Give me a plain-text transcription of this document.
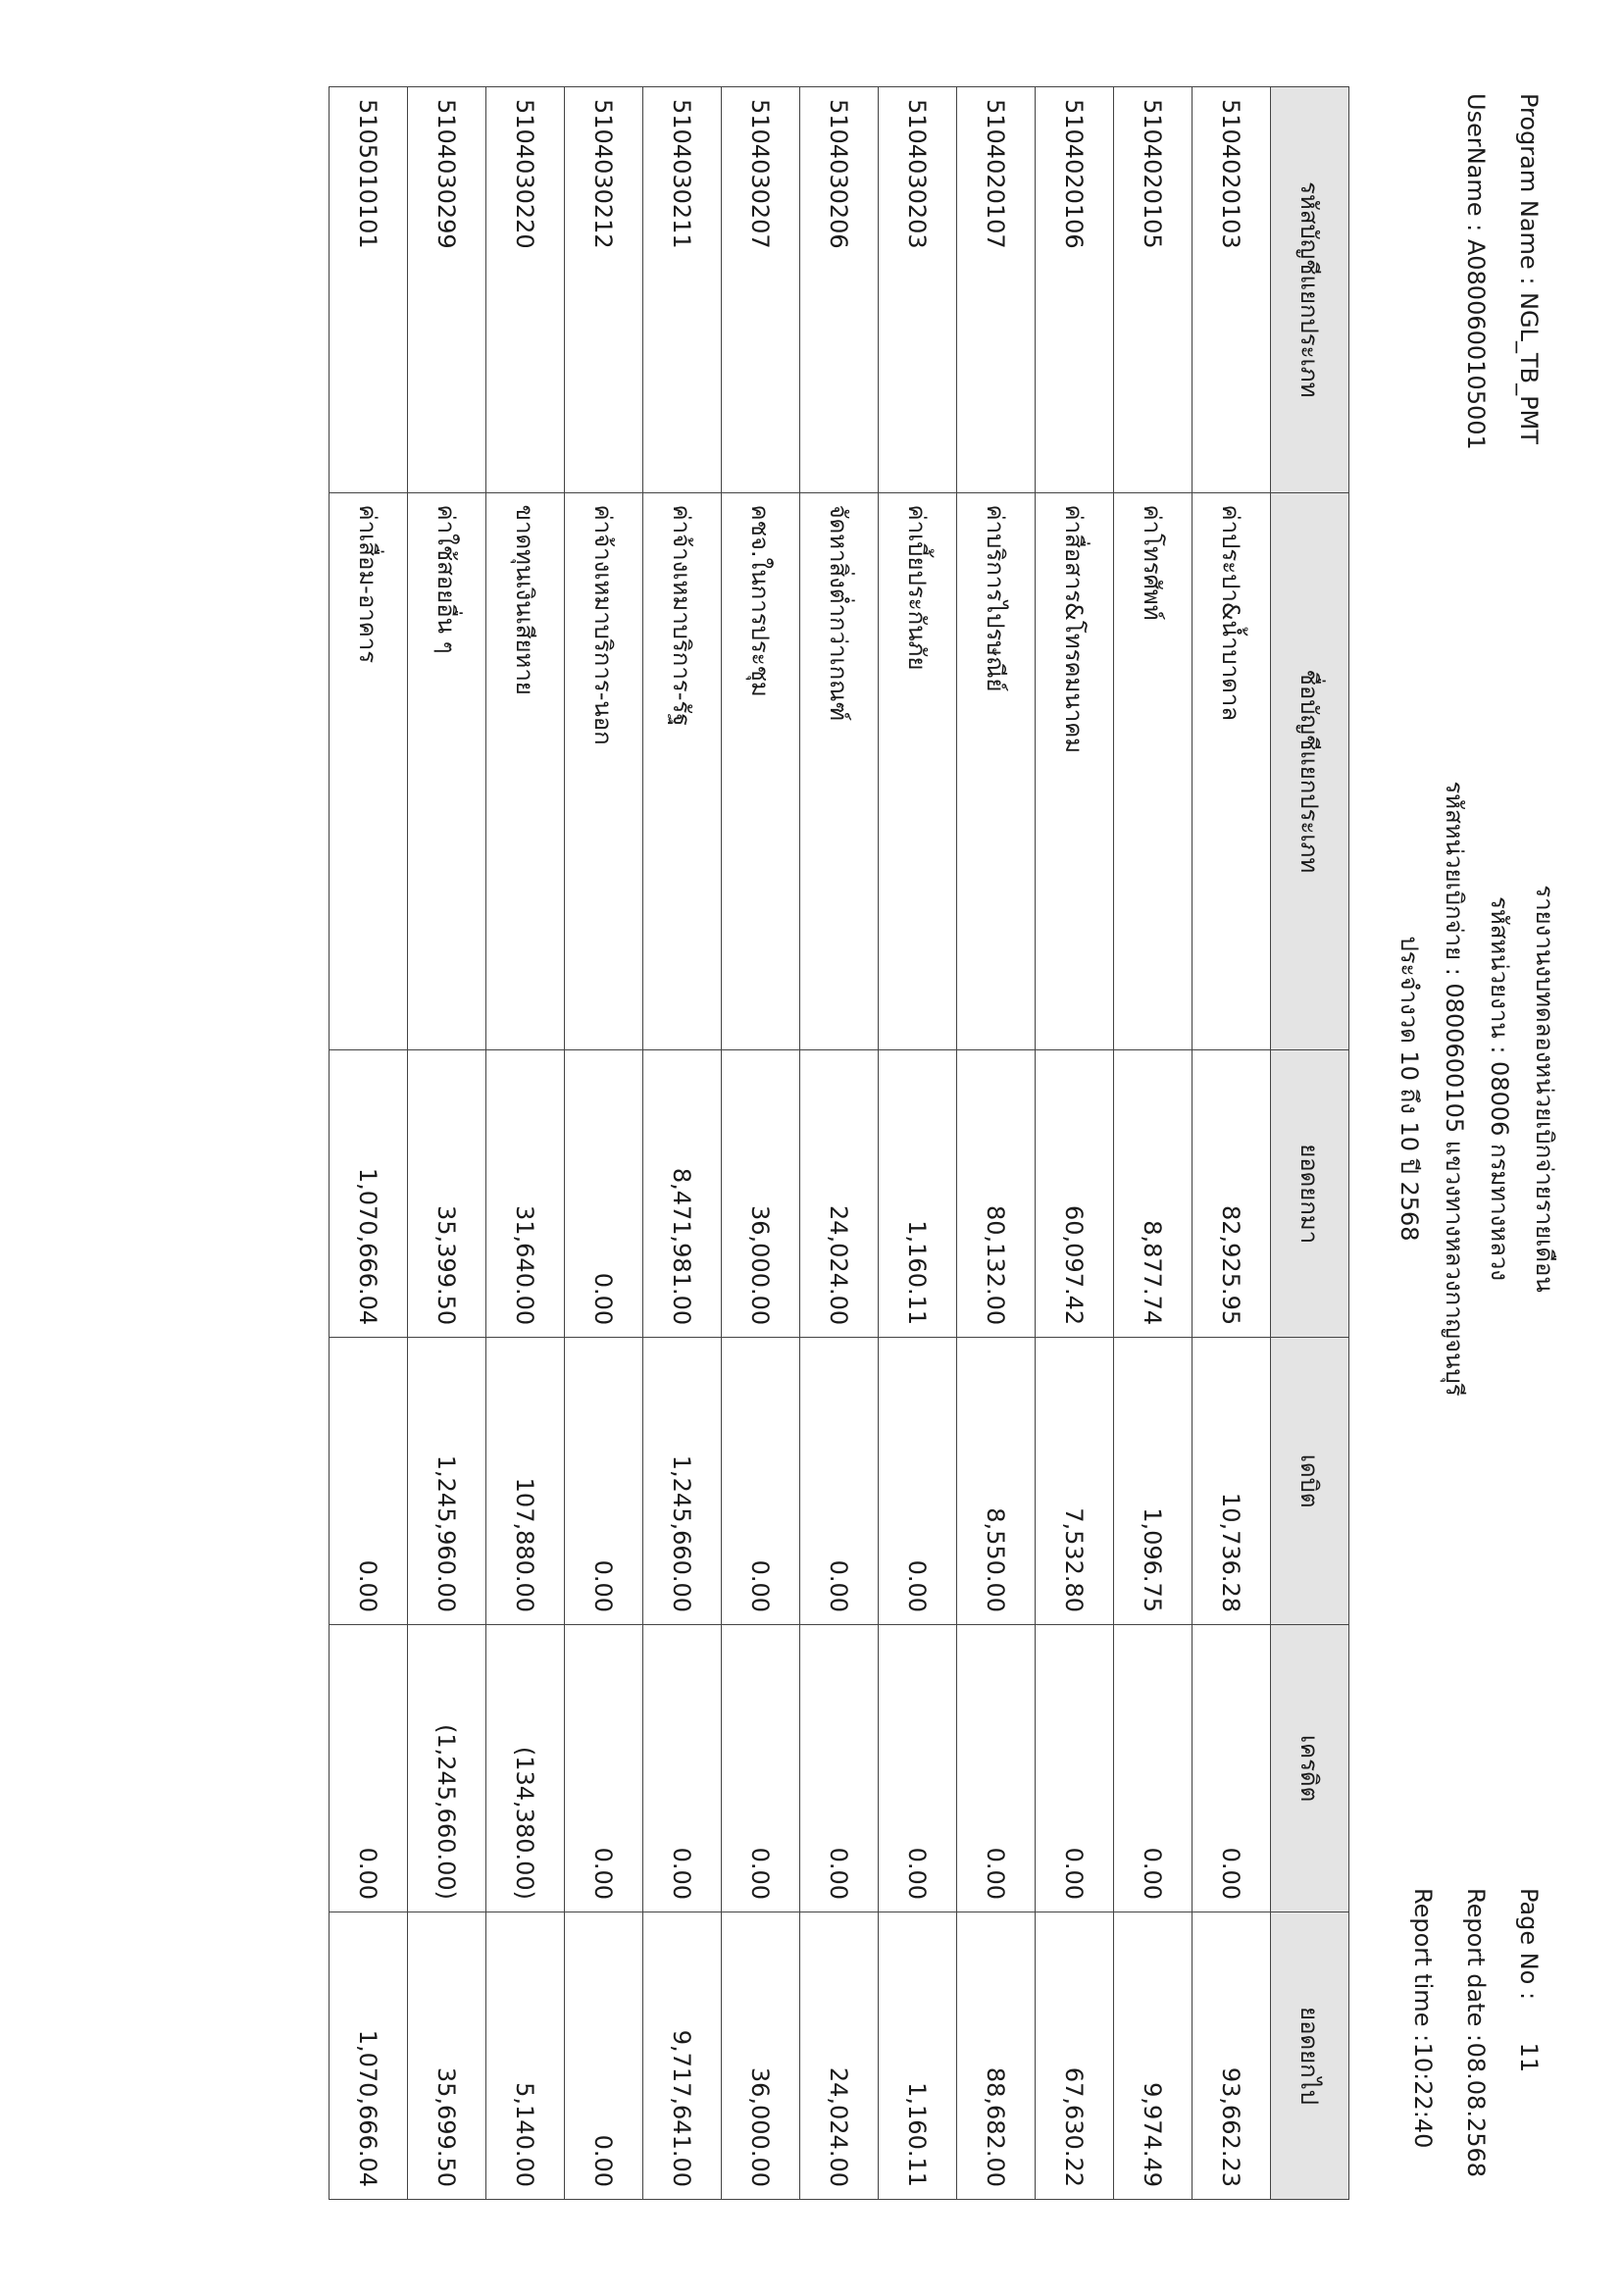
Program Name : NGL_TB_PMT
UserName : A0800600105001
รายงานงบทดลองหน่วยเบิกจ่ายรายเดือน
รหัสหน่วยงาน : 08006 กรมทางหลวง
รหัสหน่วยเบิกจ่าย : 0800600105 แขวงทางหลวงกาญจนบุรี
ประจำงวด 10 ถึง 10 ปี 2568
Page No : 11
Report date : 08.08.2568
Report time : 10:22:40
รหัสบัญชีแยกประเภท	ชื่อบัญชีแยกประเภท	ยอดยกมา	เดบิต	เครดิต	ยอดยกไป
5104020103	ค่าประปา&น้ำบาดาล	82,925.95	10,736.28	0.00	93,662.23
5104020105	ค่าโทรศัพท์	8,877.74	1,096.75	0.00	9,974.49
5104020106	ค่าสื่อสาร&โทรคมนาคม	60,097.42	7,532.80	0.00	67,630.22
5104020107	ค่าบริการไปรษณีย์	80,132.00	8,550.00	0.00	88,682.00
5104030203	ค่าเบี้ยประกันภัย	1,160.11	0.00	0.00	1,160.11
5104030206	จัดหาสิ่งต่ำกว่าเกณฑ์	24,024.00	0.00	0.00	24,024.00
5104030207	คชจ.ในการประชุม	36,000.00	0.00	0.00	36,000.00
5104030211	ค่าจ้างเหมาบริการ-รัฐ	8,471,981.00	1,245,660.00	0.00	9,717,641.00
5104030212	ค่าจ้างเหมาบริการ-นอก	0.00	0.00	0.00	0.00
5104030220	ขาดทุนเงินเสียหาย	31,640.00	107,880.00	(134,380.00)	5,140.00
5104030299	ค่าใช้สอยอื่น ๆ	35,399.50	1,245,960.00	(1,245,660.00)	35,699.50
5105010101	ค่าเสื่อม-อาคาร	1,070,666.04	0.00	0.00	1,070,666.04
